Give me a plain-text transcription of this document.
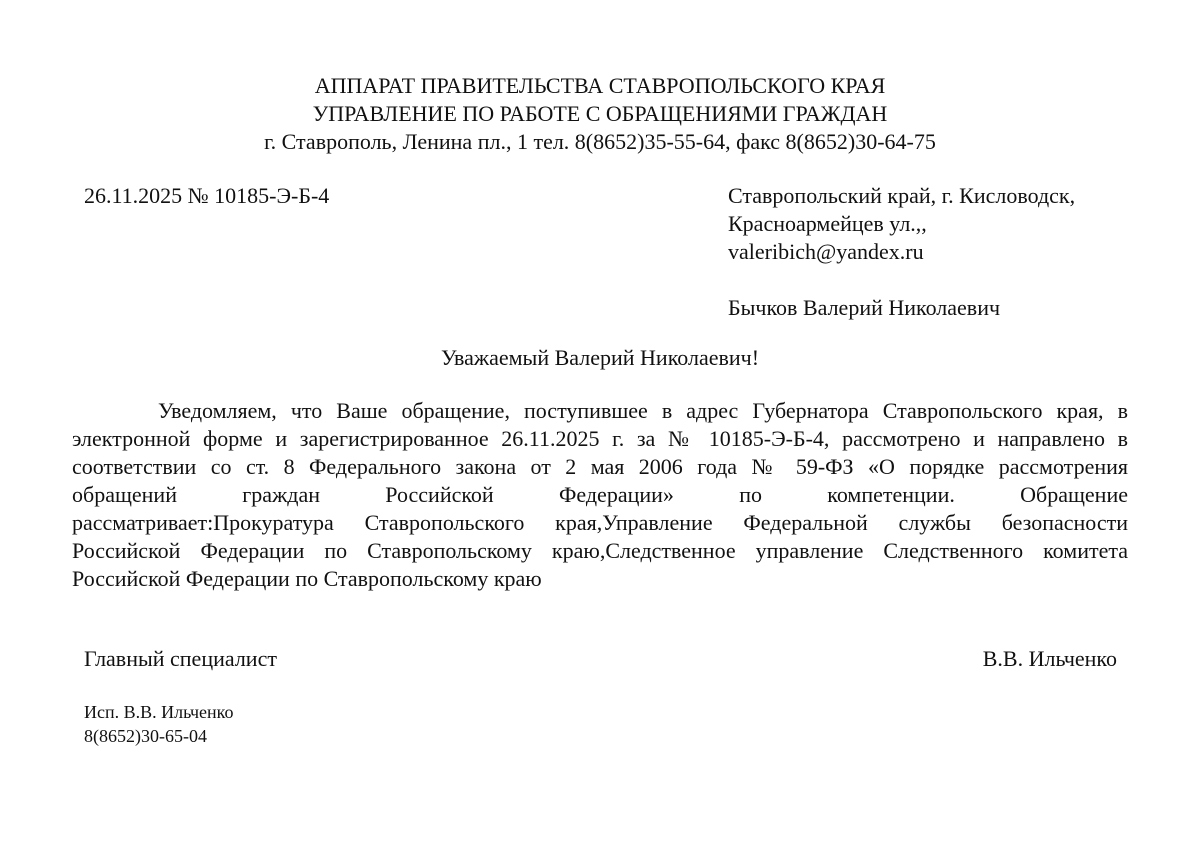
АППАРАТ ПРАВИТЕЛЬСТВА СТАВРОПОЛЬСКОГО КРАЯ
УПРАВЛЕНИЕ ПО РАБОТЕ С ОБРАЩЕНИЯМИ ГРАЖДАН
г. Ставрополь, Ленина пл., 1 тел. 8(8652)35-55-64, факс 8(8652)30-64-75
26.11.2025 № 10185-Э-Б-4	Ставропольский край, г. Кисловодск,
Красноармейцев ул.,,
valeribich@yandex.ru
Бычков Валерий Николаевич
Уважаемый Валерий Николаевич!
Уведомляем, что Ваше обращение, поступившее в адрес Губернатора Ставропольского края, в
электронной форме и зарегистрированное 26.11.2025 г. за № 10185-Э-Б-4, рассмотрено и направлено в
соответствии со ст. 8 Федерального закона от 2 мая 2006 года № 59-ФЗ «О порядке рассмотрения
обращений граждан Российской Федерации» по компетенции. Обращение
рассматривает:Прокуратура Ставропольского края,Управление Федеральной службы безопасности
Российской Федерации по Ставропольскому краю,Следственное управление Следственного комитета
Российской Федерации по Ставропольскому краю
Главный специалист	В.В. Ильченко
Исп. В.В. Ильченко
8(8652)30-65-04
